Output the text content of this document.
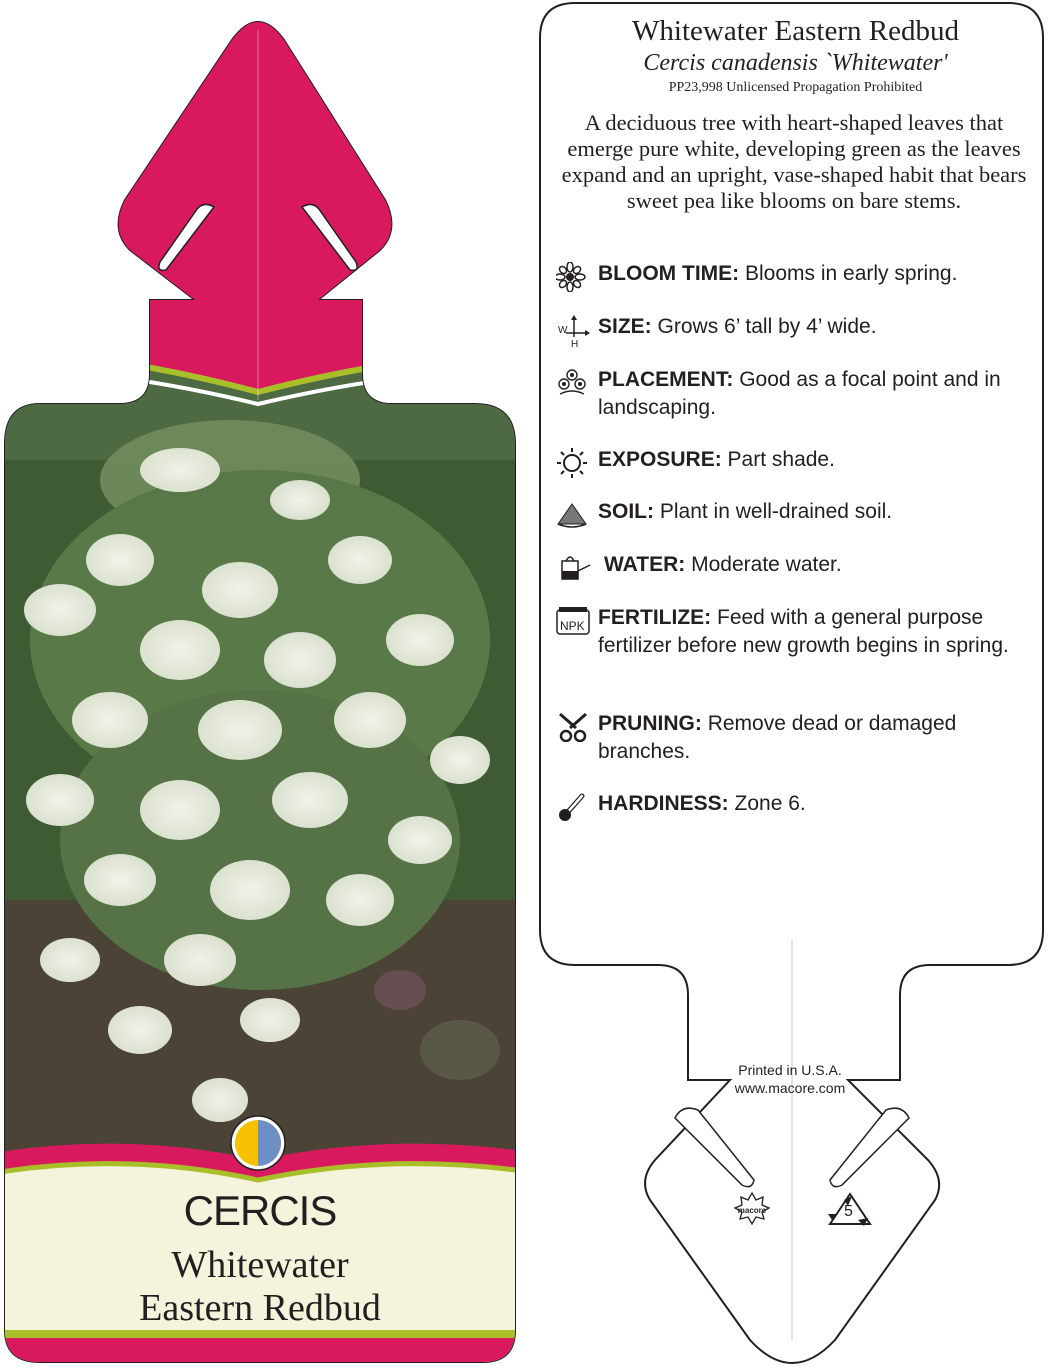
CERCIS
Whitewater
Eastern Redbud
macore	5
Whitewater Eastern Redbud
Cercis canadensis `Whitewater'
PP23,998 Unlicensed Propagation Prohibited
A deciduous tree with heart-shaped leaves that emerge pure white, developing green as the leaves expand and an upright, vase-shaped habit that bears sweet pea like blooms on bare stems.
BLOOM TIME: Blooms in early spring.
W
H
SIZE: Grows 6’ tall by 4’ wide.
PLACEMENT: Good as a focal point and in landscaping.
EXPOSURE: Part shade.
SOIL: Plant in well-drained soil.
WATER: Moderate water.
NPK FERTILIZE: Feed with a general purpose fertilizer before new growth begins in spring.
PRUNING: Remove dead or damaged branches.
HARDINESS: Zone 6.
Printed in U.S.A.
www.macore.com
